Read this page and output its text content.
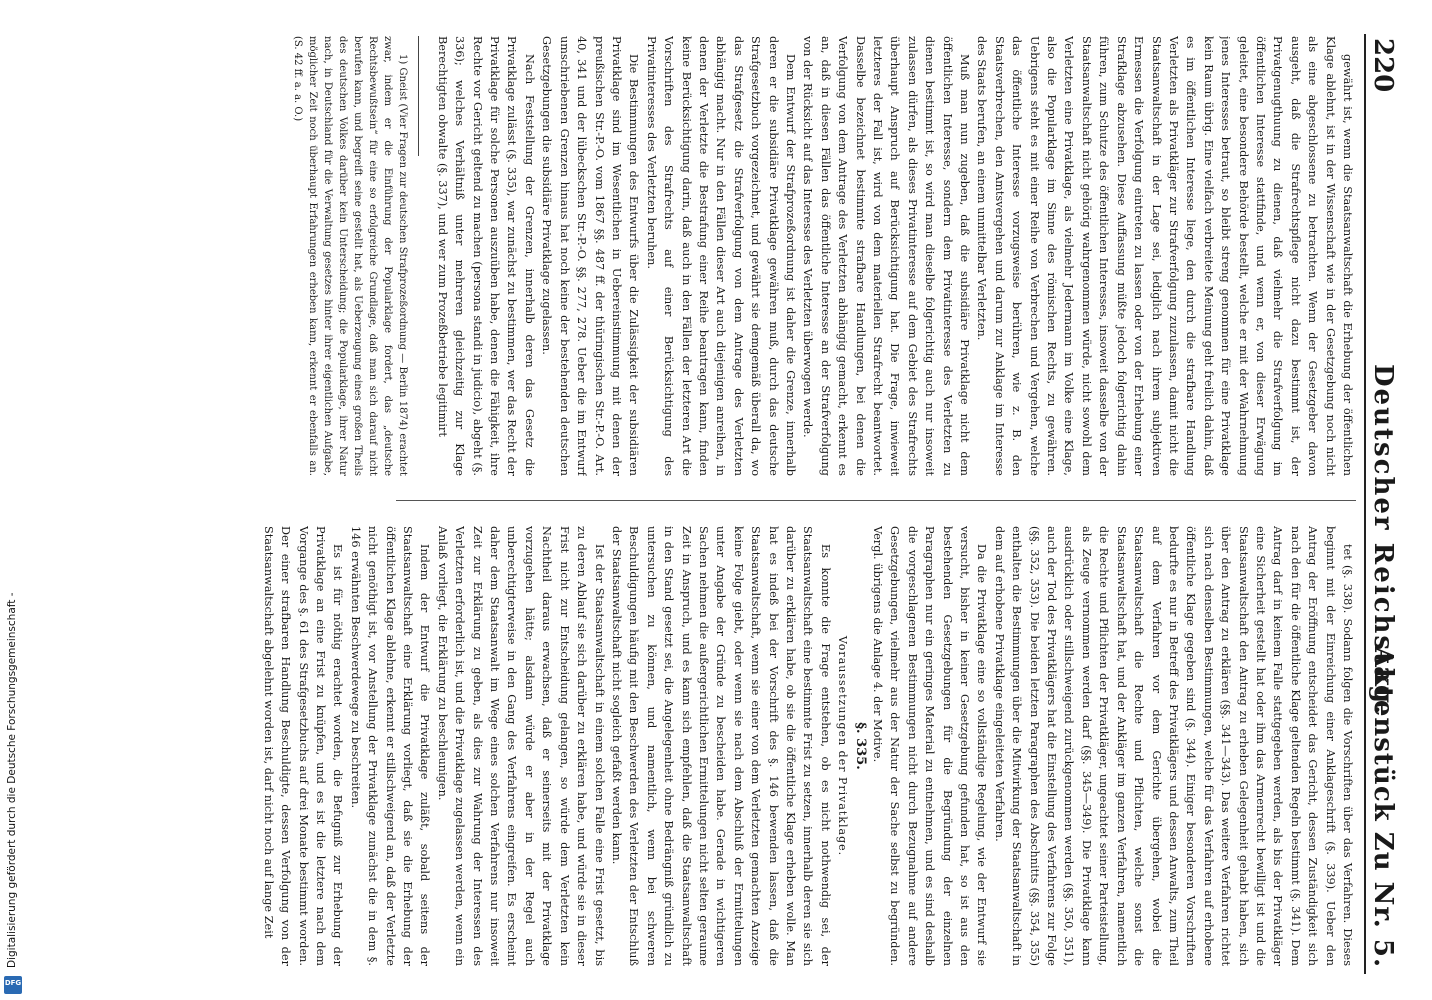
220
Deutscher Reichstag.
Aktenstück Zu Nr. 5.

gewährt ist, wenn die Staatsanwaltschaft die Erhebung der öffentlichen Klage ablehnt, ist in der Wissenschaft wie in der Gesetzgebung noch nicht als eine abgeschlossene zu betrachten. Wenn der Gesetzgeber davon ausgeht, daß die Strafrechtspflege nicht dazu bestimmt ist, der Privatgenugthuung zu dienen, daß vielmehr die Strafverfolgung im öffentlichen Interesse stattfinde, und wenn er, von dieser Erwägung geleitet, eine besondere Behörde bestellt, welche er mit der Wahrnehmung jenes Interesses betraut, so bleibt streng genommen für eine Privatklage kein Raum übrig. Eine vielfach verbreitete Meinung geht freilich dahin, daß es im öffentlichen Interesse liege, den durch die strafbare Handlung Verletzten als Privatkläger zur Strafverfolgung zuzulassen, damit nicht die Staatsanwaltschaft in der Lage sei, lediglich nach ihrem subjektiven Ermessen die Verfolgung eintreten zu lassen oder von der Erhebung einer Strafklage abzusehen. Diese Auffassung müßte jedoch folgerichtig dahin führen, zum Schutze des öffentlichen Interesses, insoweit dasselbe von der Staatsanwaltschaft nicht gehörig wahrgenommen würde, nicht sowohl dem Verletzten eine Privatklage, als vielmehr Jedermann im Volke eine Klage, also die Popularklage im Sinne des römischen Rechts, zu gewähren. Uebrigens steht es mit einer Reihe von Verbrechen und Vergehen, welche das öffentliche Interesse vorzugsweise berühren, wie z. B. den Staatsverbrechen, den Amtsvergehen und darum zur Anklage im Interesse des Staats berufen, an einem unmittelbar Verletzten.

Muß man nun zugeben, daß die subsidiäre Privatklage nicht dem öffentlichen Interesse, sondern dem Privatinteresse des Verletzten zu dienen bestimmt ist, so wird man dieselbe folgerichtig auch nur insoweit zulassen dürfen, als dieses Privatinteresse auf dem Gebiet des Strafrechts überhaupt Anspruch auf Berücksichtigung hat. Die Frage, inwieweit letzteres der Fall ist, wird von dem materiellen Strafrecht beantwortet. Dasselbe bezeichnet bestimmte strafbare Handlungen, bei denen die Verfolgung von dem Antrage des Verletzten abhängig gemacht, erkennt es an, daß in diesen Fällen das öffentliche Interesse an der Strafverfolgung von der Rücksicht auf das Interesse des Verletzten überwogen werde.

Dem Entwurf der Strafprozeßordnung ist daher die Grenze, innerhalb deren er die subsidiäre Privatklage gewähren muß, durch das deutsche Strafgesetzbuch vorgezeichnet, und gewährt sie demgemäß überall da, wo das Strafgesetz die Strafverfolgung von dem Antrage des Verletzten abhängig macht. Nur in den Fällen dieser Art auch diejenigen anreihen, in denen der Verletzte die Bestrafung einer Reihe beantragen kann, finden keine Berücksichtigung darin, daß auch in den Fällen der letzteren Art die Vorschriften des Strafrechts auf einer Berücksichtigung des Privatinteresses des Verletzten beruhen.

Die Bestimmungen des Entwurfs über die Zulässigkeit der subsidiären Privatklage sind im Wesentlichen in Uebereinstimmung mit denen der preußischen Str.-P.-O. vom 1867 §§. 487 ff. der thüringischen Str.-P.-O. Art. 40, 341 und der lübeckschen Str.-P.-O. §§. 277, 278. Ueber die im Entwurf umschriebenen Grenzen hinaus hat noch keine der bestehenden deutschen Gesetzgebungen die subsidiäre Privatklage zugelassen.

Nach Feststellung der Grenzen, innerhalb deren das Gesetz die Privatklage zulässt (§. 335), war zunächst zu bestimmen, wer das Recht der Privatklage für solche Personen auszuüben habe, denen die Fähigkeit, ihre Rechte vor Gericht geltend zu machen (persona standi in judicio), abgeht (§. 336); welches Verhältniß unter mehreren gleichzeitig zur Klage Berechtigten obwalte (§. 337), und wer zum Prozeßbetriebe legitimirt

1) Gneist (Vier Fragen zur deutschen Strafprozeßordnung — Berlin 1874) erachtet zwar, indem er die Einführung der Popularklage fordert, das „deutsche Rechtsbewußtsein“ für eine so erfolgreiche Grundlage, daß man sich darauf nicht berufen kann, und begreift seine gestellt hat, als Ueberzeugung eines großen Theils des deutschen Volkes darüber kein Unterscheidung; die Popularklage, ihrer Natur nach, in Deutschland für die Verwaltung gesetzes hinter ihrer eigentlichen Aufgabe, möglicher Zeit noch überhaupt Erfahrungen erheben kann, erkennt er ebenfalls an. (S. 42 ff. a. a. O.)

tet (§. 338). Sodann folgen die Vorschriften über das Verfahren. Dieses beginnt mit der Einreichung einer Anklageschrift (§. 339). Ueber den Antrag der Eröffnung entscheidet das Gericht, dessen Zuständigkeit sich nach den für die öffentliche Klage geltenden Regeln bestimmt (§. 341). Dem Antrag darf in keinem Falle stattgegeben werden, als bis der Privatkläger eine Sicherheit gestellt hat oder ihm das Armenrecht bewilligt ist und die Staatsanwaltschaft den Antrag zu erheben Gelegenheit gehabt haben, sich über den Antrag zu erklären (§§. 341—343). Das weitere Verfahren richtet sich nach denselben Bestimmungen, welche für das Verfahren auf erhobene öffentliche Klage gegeben sind (§. 344). Einiger besonderen Vorschriften bedurfte es nur in Betreff des Privatklägers und dessen Anwalts, zum Theil auf dem Verfahren vor dem Gerichte übergehen, wobei die Staatsanwaltschaft die Rechte und Pflichten, welche sonst die Staatsanwaltschaft hat, und der Ankläger im ganzen Verfahren, namentlich die Rechte und Pflichten der Privatkläger, ungeachtet seiner Parteistellung, als Zeuge vernommen werden darf (§§. 345—349). Die Privatklage kann ausdrücklich oder stillschweigend zurückgenommen werden (§§. 350, 351), auch der Tod des Privatklägers hat die Einstellung des Verfahrens zur Folge (§§. 352, 353). Die beiden letzten Paragraphen des Abschnitts (§§. 354, 355) enthalten die Bestimmungen über die Mitwirkung der Staatsanwaltschaft in dem auf erhobene Privatklage eingeleiteten Verfahren.

Da die Privatklage eine so vollständige Regelung, wie der Entwurf sie versucht, bisher in keiner Gesetzgebung gefunden hat, so ist aus den bestehenden Gesetzgebungen für die Begründung der einzelnen Paragraphen nur ein geringes Material zu entnehmen, und es sind deshalb die vorgeschlagenen Bestimmungen nicht durch Bezugnahme auf andere Gesetzgebungen, vielmehr aus der Natur der Sache selbst zu begründen. Vergl. übrigens die Anlage 4. der Motive.

§. 335.

Voraussetzungen der Privatklage.

Es konnte die Frage entstehen, ob es nicht nothwendig sei, der Staatsanwaltschaft eine bestimmte Frist zu setzen, innerhalb deren sie sich darüber zu erklären habe, ob sie die öffentliche Klage erheben wolle. Man hat es indeß bei der Vorschrift des §. 146 bewenden lassen, daß die Staatsanwaltschaft, wenn sie einer von dem Verletzten gemachten Anzeige keine Folge giebt, oder wenn sie nach dem Abschluß der Ermittelungen unter Angabe der Gründe zu bescheiden habe. Gerade in wichtigeren Sachen nehmen die außergerichtlichen Ermittelungen nicht selten geraume Zeit in Anspruch, und es kann sich empfehlen, daß die Staatsanwaltschaft in den Stand gesetzt sei, die Angelegenheit ohne Bedrängniß gründlich zu untersuchen zu können, und namentlich, wenn bei schweren Beschuldigungen häufig mit den Beschwerden des Verletzten der Entschluß der Staatsanwaltschaft nicht sogleich gefaßt werden kann.

Ist der Staatsanwaltschaft in einem solchen Falle eine Frist gesetzt, bis zu deren Ablauf sie sich darüber zu erklären habe, und würde sie in dieser Frist nicht zur Entscheidung gelangen, so würde dem Verletzten kein Nachtheil daraus erwachsen, daß er seinerseits mit der Privatklage vorzugehen hätte; alsdann würde er aber in der Regel auch unberechtigterweise in den Gang des Verfahrens eingreifen. Es erscheint daher dem Staatsanwalt im Wege eines solchen Verfahrens nur insoweit Zeit zur Erklärung zu geben, als dies zur Wahrung der Interessen des Verletzten erforderlich ist, und die Privatklage zugelassen werden, wenn ein Anlaß vorliegt, die Erklärung zu beschleunigen.

Indem der Entwurf die Privatklage zuläßt, sobald seitens der Staatsanwaltschaft eine Erklärung vorliegt, daß sie die Erhebung der öffentlichen Klage ablehne, erkennt er stillschweigend an, daß der Verletzte nicht genöthigt ist, vor Anstellung der Privatklage zunächst die in dem §. 146 erwähnten Beschwerdewege zu beschreiten.

Es ist für nöthig erachtet worden, die Befugniß zur Erhebung der Privatklage an eine Frist zu knüpfen, und es ist die letztere nach dem Vorgange des §. 61 des Strafgesetzbuchs auf drei Monate bestimmt worden. Der einer strafbaren Handlung Beschuldigte, dessen Verfolgung von der Staatsanwaltschaft abgelehnt worden ist, darf nicht noch auf lange Zeit

Digitalisierung gefördert durch die Deutsche Forschungsgemeinschaft -
DFG
